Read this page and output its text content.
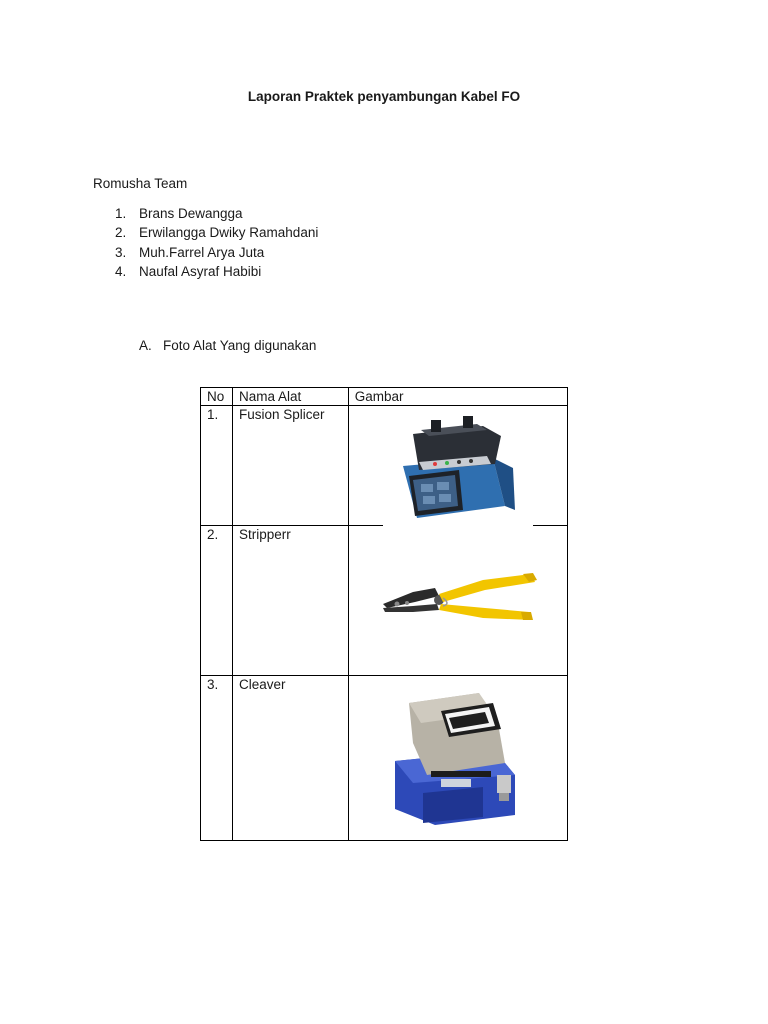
Laporan Praktek penyambungan Kabel FO
Romusha Team
1. Brans Dewangga
2. Erwilangga Dwiky Ramahdani
3. Muh.Farrel Arya Juta
4. Naufal Asyraf Habibi
A. Foto Alat Yang digunakan
No	Nama Alat	Gambar
1.	Fusion Splicer	

2.	Stripperr	

3.	Cleaver	
